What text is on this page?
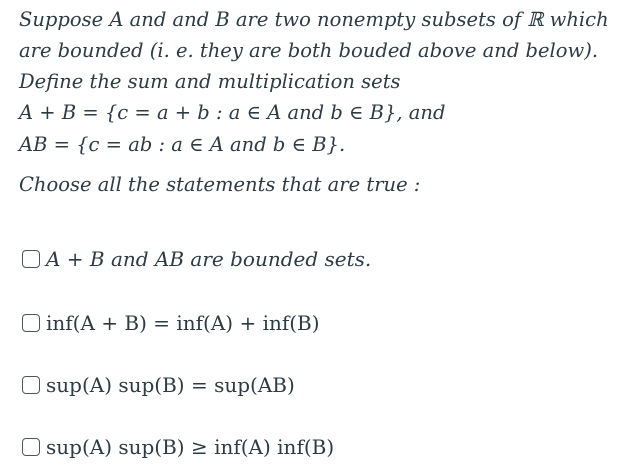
Suppose A and and B are two nonempty subsets of ℝ which
are bounded (i. e. they are both bouded above and below).
Define the sum and multiplication sets
A + B = {c = a + b : a ∈ A and b ∈ B}, and
AB = {c = ab : a ∈ A and b ∈ B}.
Choose all the statements that are true :
A + B and AB are bounded sets.
inf(A + B) = inf(A) + inf(B)
sup(A) sup(B) = sup(AB)
sup(A) sup(B) ≥ inf(A) inf(B)
